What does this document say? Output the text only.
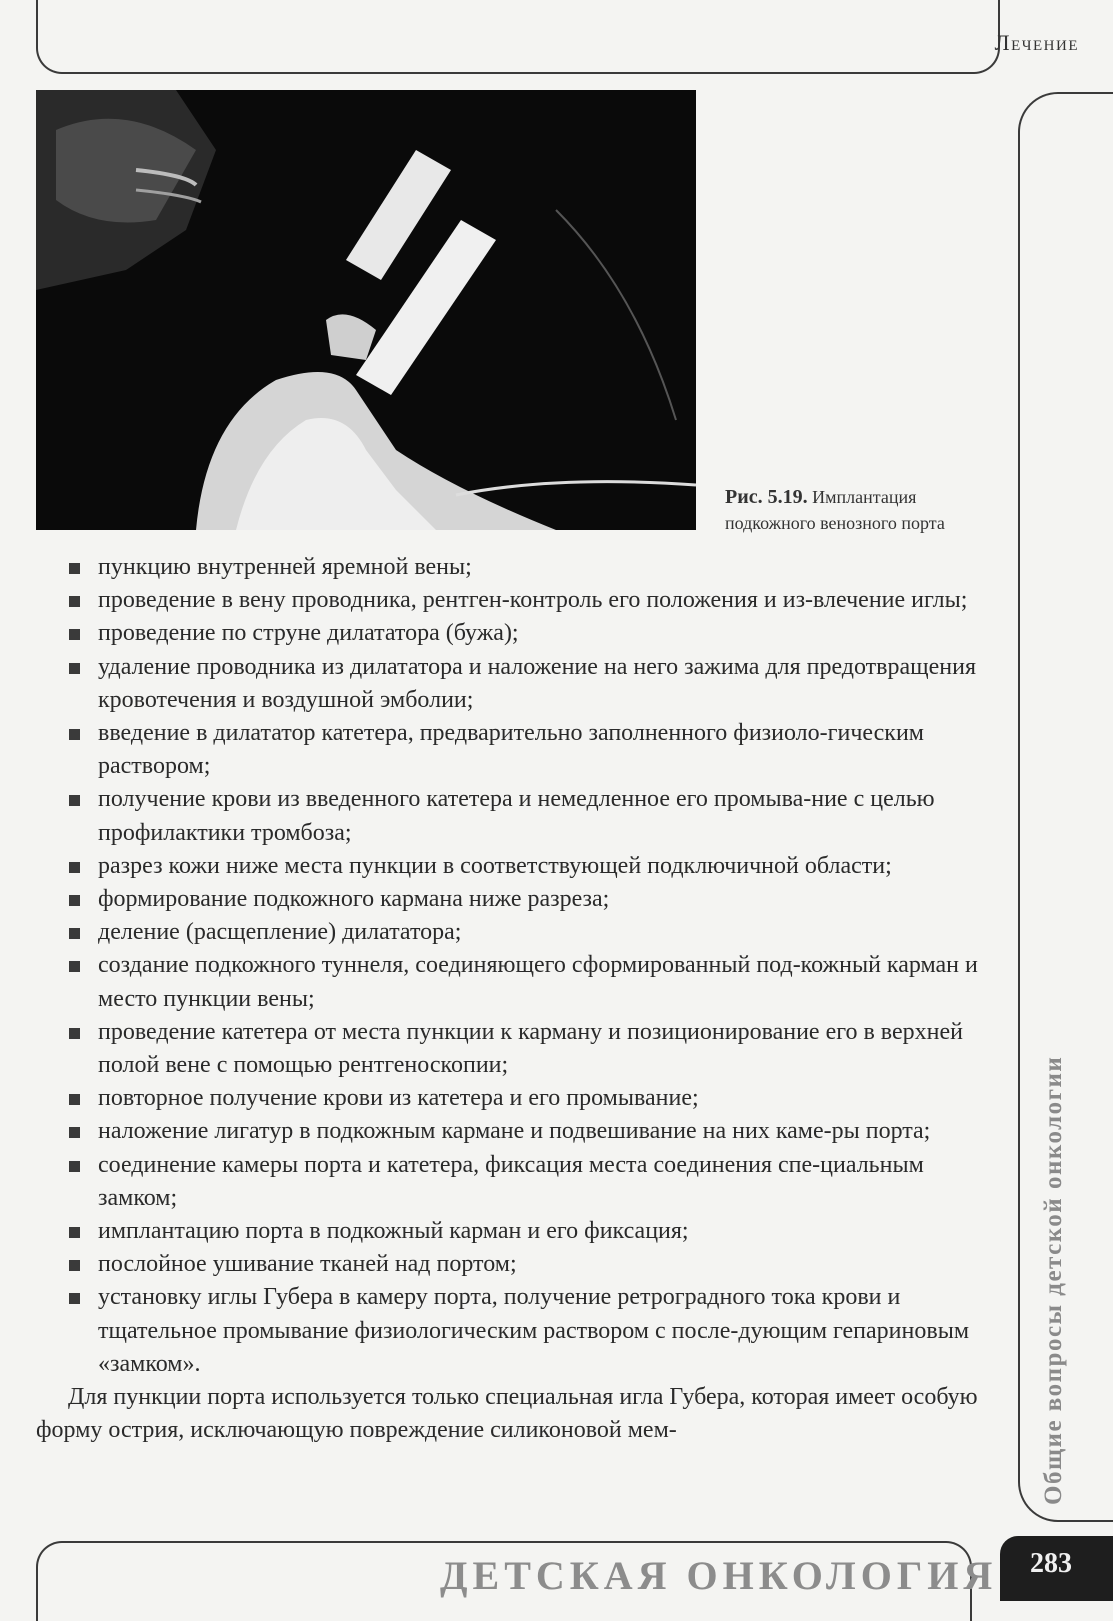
Лечение
Рис. 5.19. Имплантация подкожного венозного порта
Общие вопросы детской онкологии
пункцию внутренней яремной вены;
проведение в вену проводника, рентген-контроль его положения и из-влечение иглы;
проведение по струне дилататора (бужа);
удаление проводника из дилататора и наложение на него зажима для предотвращения кровотечения и воздушной эмболии;
введение в дилататор катетера, предварительно заполненного физиоло-гическим раствором;
получение крови из введенного катетера и немедленное его промыва-ние с целью профилактики тромбоза;
разрез кожи ниже места пункции в соответствующей подключичной области;
формирование подкожного кармана ниже разреза;
деление (расщепление) дилататора;
создание подкожного туннеля, соединяющего сформированный под-кожный карман и место пункции вены;
проведение катетера от места пункции к карману и позиционирование его в верхней полой вене с помощью рентгеноскопии;
повторное получение крови из катетера и его промывание;
наложение лигатур в подкожным кармане и подвешивание на них каме-ры порта;
соединение камеры порта и катетера, фиксация места соединения спе-циальным замком;
имплантацию порта в подкожный карман и его фиксация;
послойное ушивание тканей над портом;
установку иглы Губера в камеру порта, получение ретроградного тока крови и тщательное промывание физиологическим раствором с после-дующим гепариновым «замком».

Для пункции порта используется только специальная игла Губера, которая имеет особую форму острия, исключающую повреждение силиконовой мем-

ДЕТСКАЯ ОНКОЛОГИЯ 283
